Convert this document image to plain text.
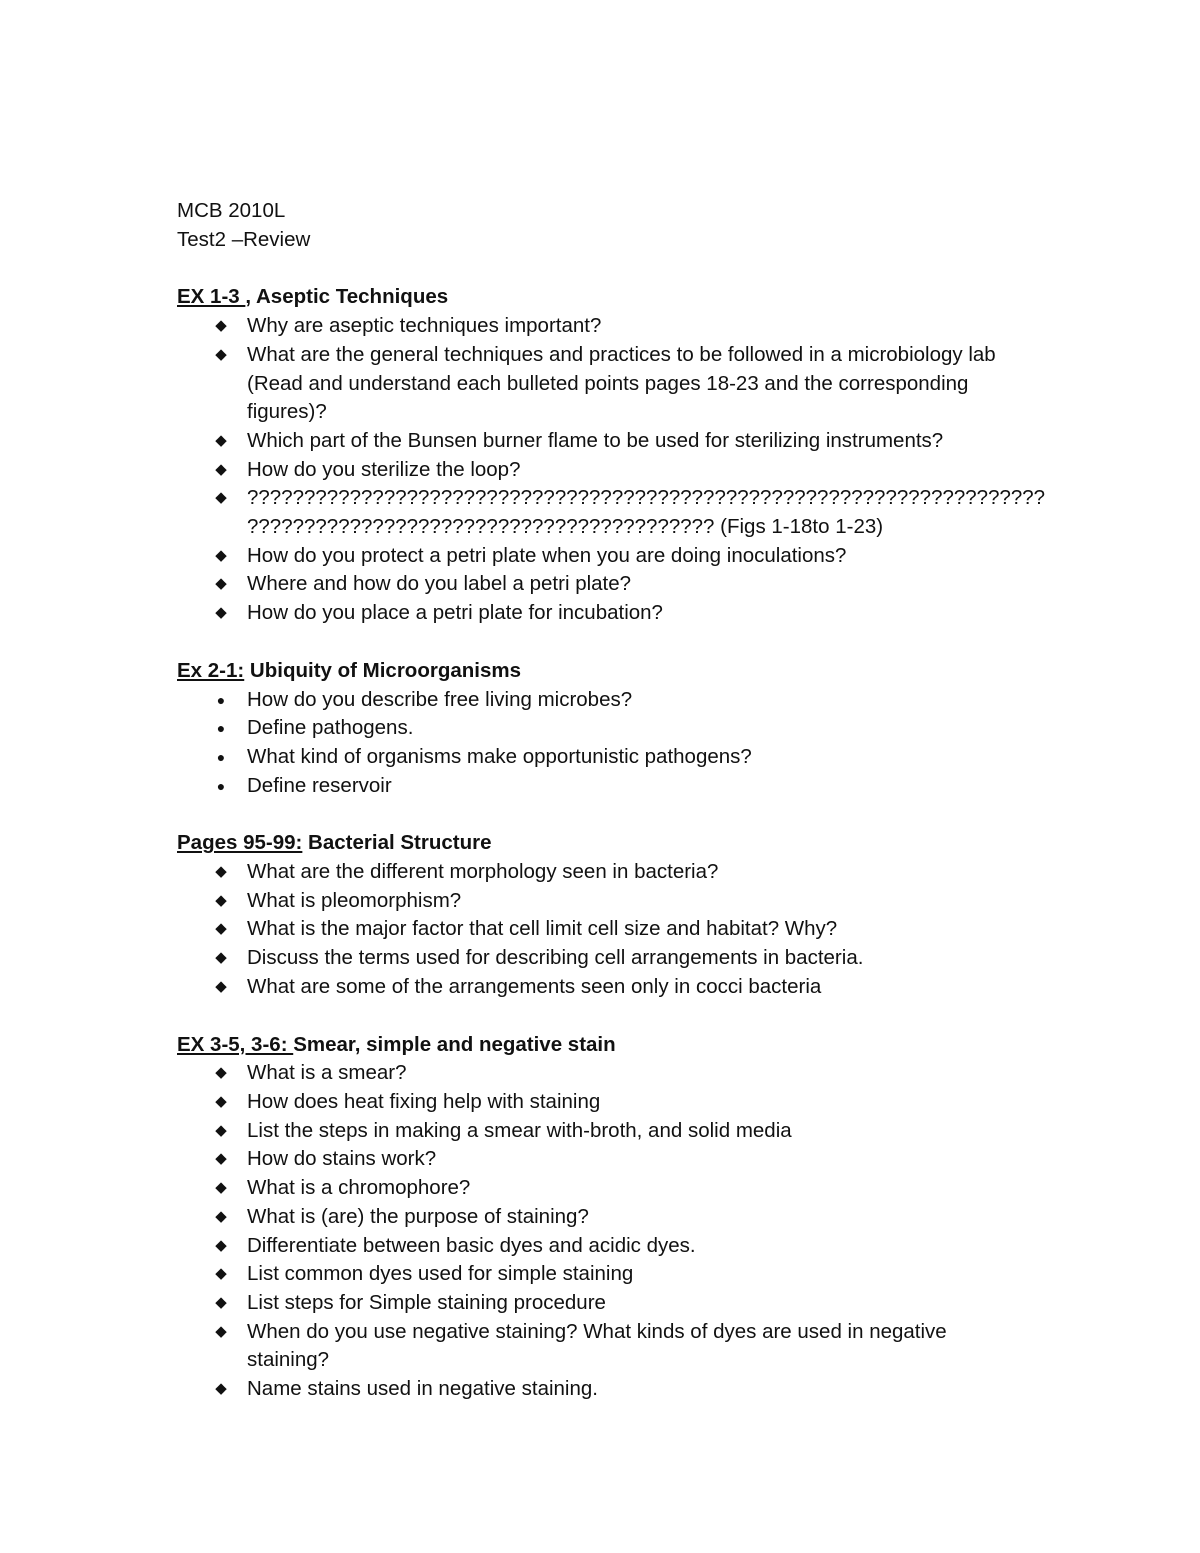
MCB 2010L

Test2 –Review

EX 1-3 , Aseptic Techniques

◆ Why are aseptic techniques important?
◆ What are the general techniques and practices to be followed in a microbiology lab (Read and understand each bulleted points pages 18-23 and the corresponding figures)?
◆ Which part of the Bunsen burner flame to be used for sterilizing instruments?
◆ How do you sterilize the loop?
◆ ?????????????????????????????????????????????????????????????????????? ????????????????????????????????????????? (Figs 1-18to 1-23)
◆ How do you protect a petri plate when you are doing inoculations?
◆ Where and how do you label a petri plate?
◆ How do you place a petri plate for incubation?

Ex 2-1: Ubiquity of Microorganisms

● How do you describe free living microbes?
● Define pathogens.
● What kind of organisms make opportunistic pathogens?
● Define reservoir

Pages 95-99: Bacterial Structure

◆ What are the different morphology seen in bacteria?
◆ What is pleomorphism?
◆ What is the major factor that cell limit cell size and habitat? Why?
◆ Discuss the terms used for describing cell arrangements in bacteria.
◆ What are some of the arrangements seen only in cocci bacteria

EX 3-5, 3-6: Smear, simple and negative stain

◆ What is a smear?
◆ How does heat fixing help with staining
◆ List the steps in making a smear with-broth, and solid media
◆ How do stains work?
◆ What is a chromophore?
◆ What is (are) the purpose of staining?
◆ Differentiate between basic dyes and acidic dyes.
◆ List common dyes used for simple staining
◆ List steps for Simple staining procedure
◆ When do you use negative staining? What kinds of dyes are used in negative staining?
◆ Name stains used in negative staining.
